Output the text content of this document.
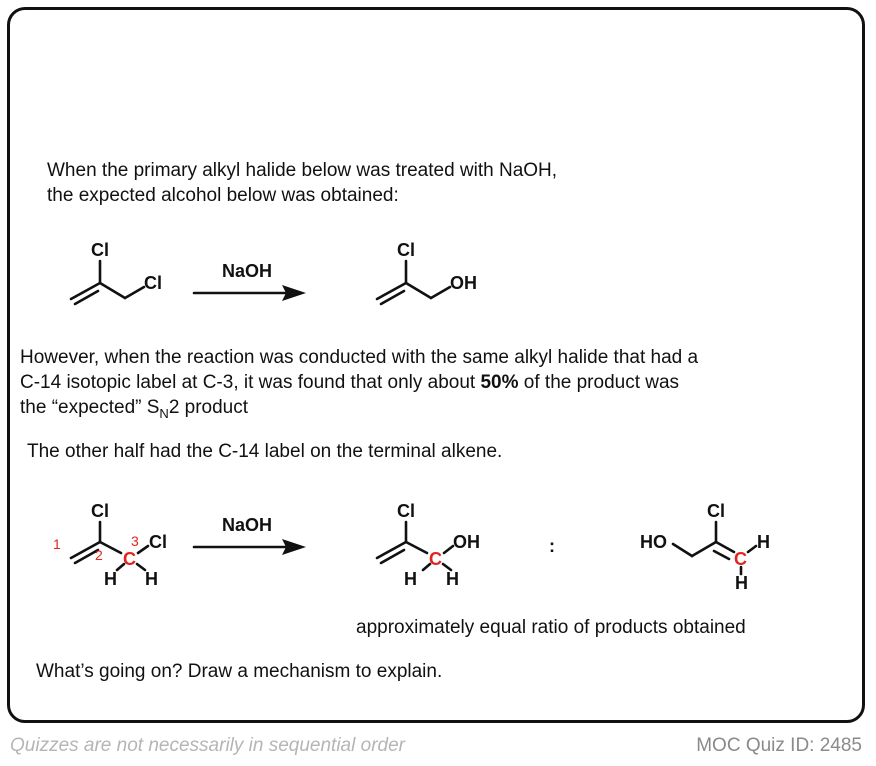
When the primary alkyl halide below was treated with NaOH,
the expected alcohol below was obtained:
Cl
Cl
NaOH
Cl
OH
However, when the reaction was conducted with the same alkyl halide that had a
C-14 isotopic label at C-3, it was found that only about 50% of the product was
the “expected” $S_N2$ product
The other half had the C-14 label on the terminal alkene.
Cl
Cl
C
H H
1
2
3
NaOH
Cl
OH
C
H H
:	HO
Cl
C
H
H
approximately equal ratio of products obtained
What’s going on? Draw a mechanism to explain.
Quizzes are not necessarily in sequential order	MOC Quiz ID: 2485
